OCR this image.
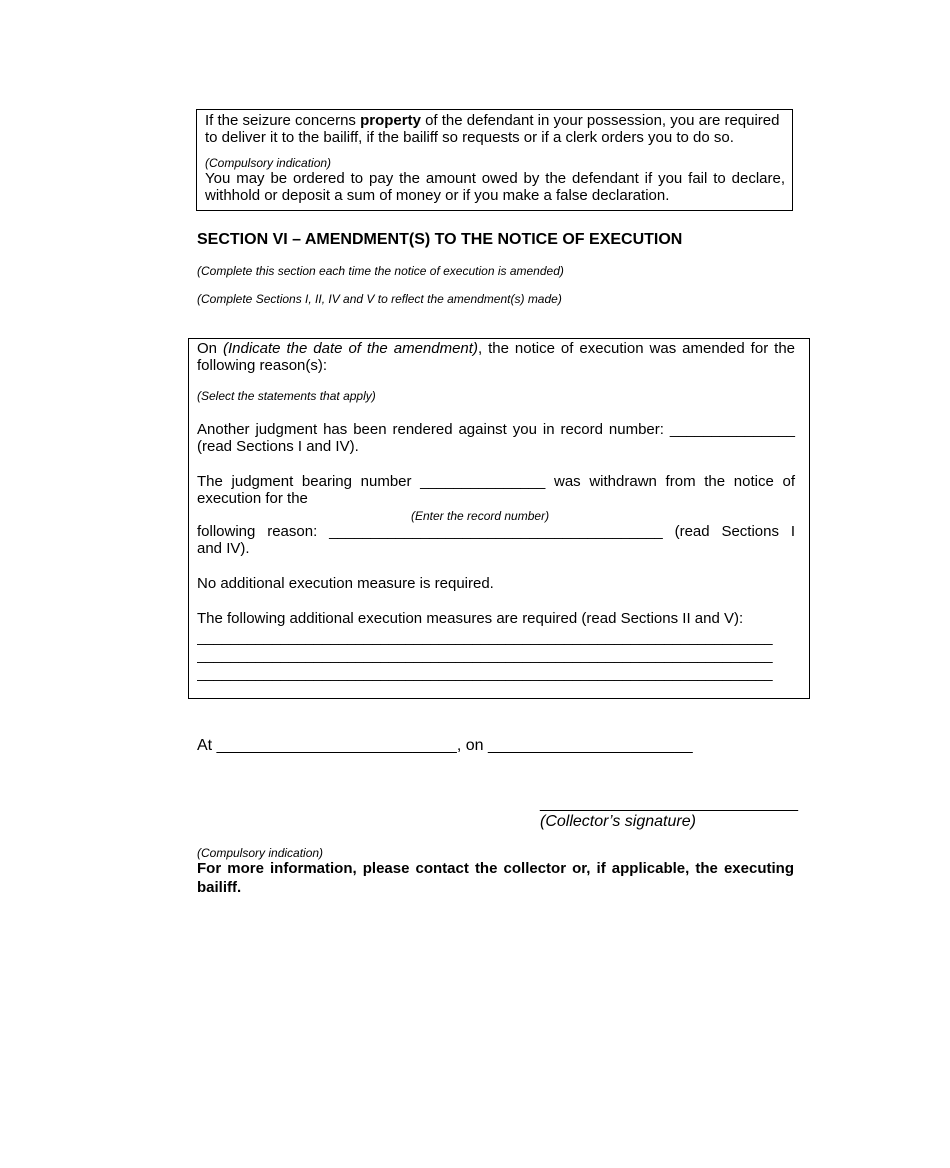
If the seizure concerns property of the defendant in your possession, you are required
to deliver it to the bailiff, if the bailiff so requests or if a clerk orders you to do so.
(Compulsory indication)
You may be ordered to pay the amount owed by the defendant if you fail to declare,
withhold or deposit a sum of money or if you make a false declaration.
SECTION VI – AMENDMENT(S) TO THE NOTICE OF EXECUTION
(Complete this section each time the notice of execution is amended)
(Complete Sections I, II, IV and V to reflect the amendment(s) made)
On (Indicate the date of the amendment), the notice of execution was amended for the
following reason(s):
(Select the statements that apply)
Another judgment has been rendered against you in record number: _______________
(read Sections I and IV).
The judgment bearing number _______________ was withdrawn from the notice of
execution for the
(Enter the record number)
following reason: ________________________________________ (read Sections I
and IV).
No additional execution measure is required.
The following additional execution measures are required (read Sections II and V):
_____________________________________________________________________
_____________________________________________________________________
_____________________________________________________________________
At ___________________________, on _______________________
_____________________________
(Collector’s signature)
(Compulsory indication)
For more information, please contact the collector or, if applicable, the executing
bailiff.
